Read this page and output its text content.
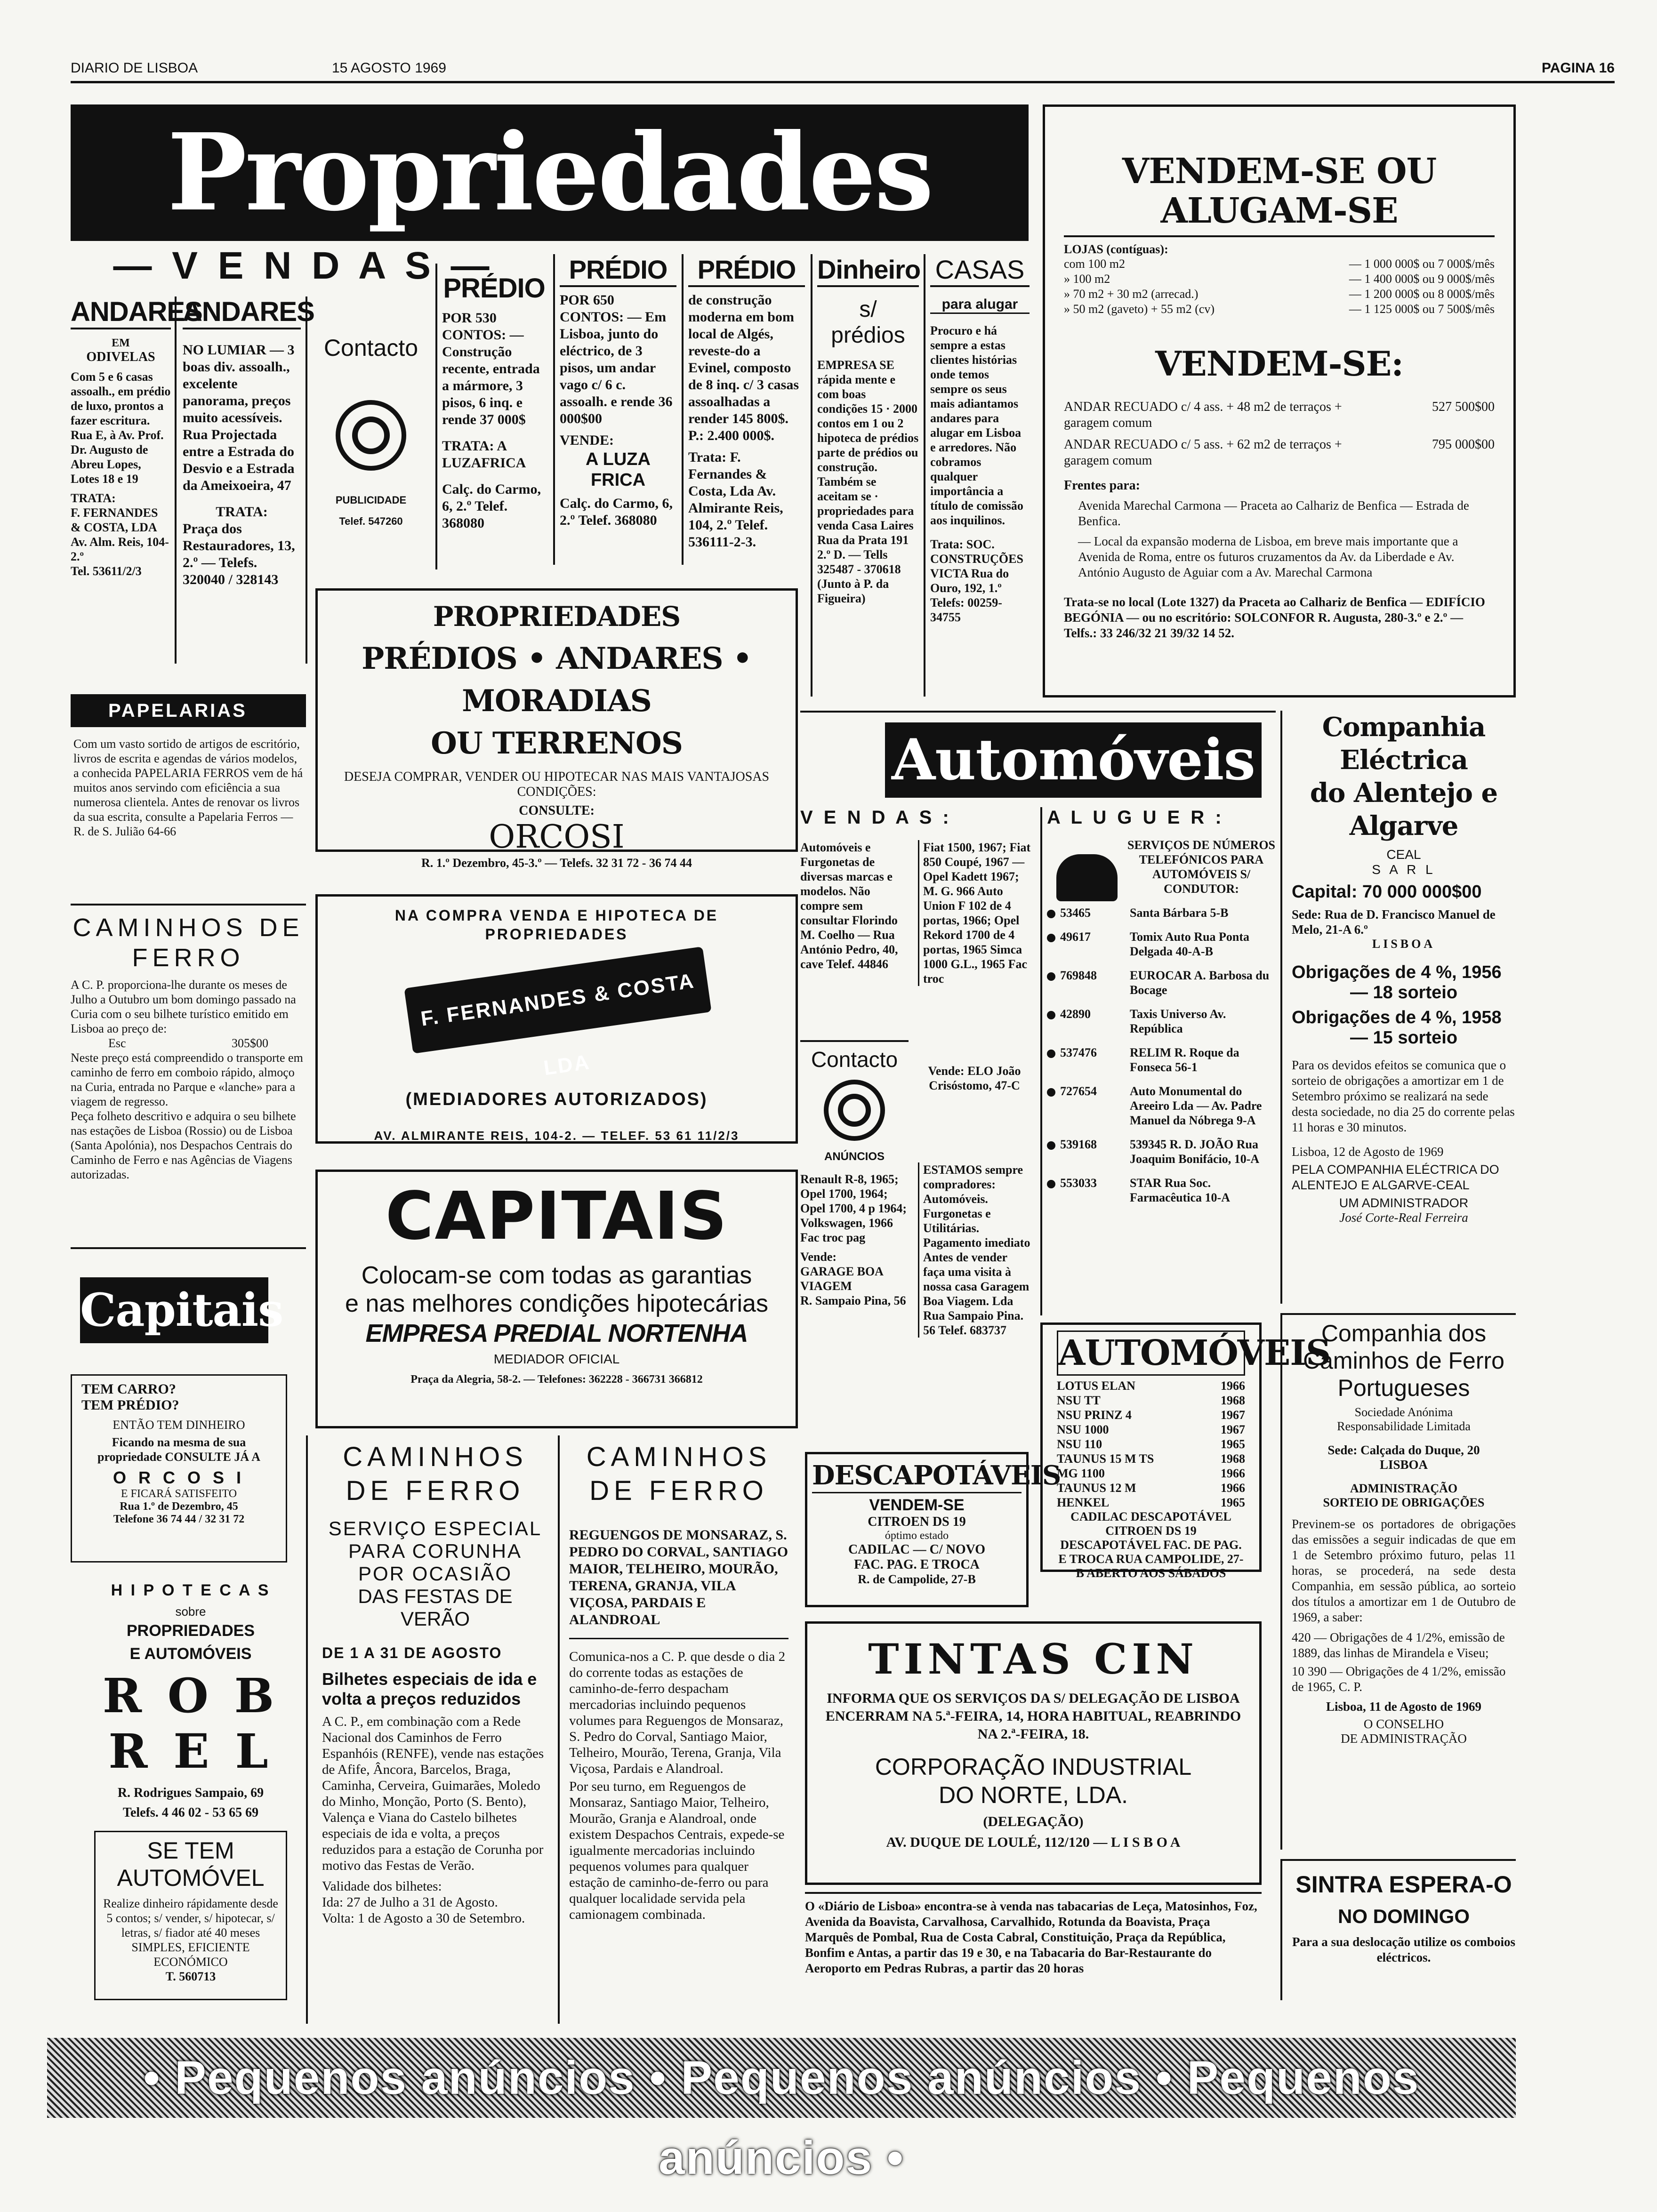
DIARIO DE LISBOA	15 AGOSTO 1969	PAGINA 16
Propriedades
— V E N D A S —
ANDARES

EM

ODIVELAS

Com 5 e 6 casas assoalh., em prédio de luxo, prontos a fazer escritura. Rua E, à Av. Prof. Dr. Augusto de Abreu Lopes, Lotes 18 e 19

TRATA:

F. FERNANDES & COSTA, LDA

Av. Alm. Reis, 104-2.º

Tel. 53611/2/3

ANDARES

NO LUMIAR — 3 boas div. assoalh., excelente panorama, preços muito acessíveis. Rua Projectada entre a Estrada do Desvio e a Estrada da Ameixoeira, 47

TRATA:

Praça dos Restauradores, 13, 2.º — Telefs. 320040 / 328143

Contacto
PUBLICIDADE
Telef. 547260
PRÉDIO

POR 530 CONTOS: —Construção recente, entrada a mármore, 3 pisos, 6 inq. e rende 37 000$

TRATA: A LUZAFRICA

Calç. do Carmo, 6, 2.º Telef. 368080

PRÉDIO

POR 650 CONTOS: — Em Lisboa, junto do eléctrico, de 3 pisos, um andar vago c/ 6 c. assoalh. e rende 36 000$00

VENDE:

A LUZA FRICA

Calç. do Carmo, 6, 2.º Telef. 368080

PRÉDIO

de construção moderna em bom local de Algés, reveste-do a Evinel, composto de 8 inq. c/ 3 casas assoalhadas a render 145 800$. P.: 2.400 000$.

Trata: F. Fernandes & Costa, Lda Av. Almirante Reis, 104, 2.º Telef. 536111-2-3.

Dinheiro

s/

prédios

EMPRESA SE rápida mente e com boas condições 15 · 2000 contos em 1 ou 2 hipoteca de prédios parte de prédios ou construção. Também se aceitam se · propriedades para venda Casa Laires Rua da Prata 191 2.º D. — Tells 325487 - 370618 (Junto à P. da Figueira)

CASAS

para alugar

Procuro e há sempre a estas clientes histórias onde temos sempre os seus mais adiantamos andares para alugar em Lisboa e arredores. Não cobramos qualquer importância a título de comissão aos inquilinos.

Trata: SOC. CONSTRUÇÕES VICTA Rua do Ouro, 192, 1.º Telefs: 00259-34755

VENDEM-SE OU ALUGAM-SE

LOJAS (contíguas):

com 100 m2	— 1 000 000$ ou 7 000$/mês
» 100 m2	— 1 400 000$ ou 9 000$/mês
» 70 m2 + 30 m2 (arrecad.)	— 1 200 000$ ou 8 000$/mês
» 50 m2 (gaveto) + 55 m2 (cv)	— 1 125 000$ ou 7 500$/mês
VENDEM-SE:
ANDAR RECUADO c/ 4 ass. + 48 m2 de terraços + garagem comum
527 500$00
ANDAR RECUADO c/ 5 ass. + 62 m2 de terraços + garagem comum
795 000$00

Frentes para:

Avenida Marechal Carmona — Praceta ao Calhariz de Benfica — Estrada de Benfica.

— Local da expansão moderna de Lisboa, em breve mais importante que a Avenida de Roma, entre os futuros cruzamentos da Av. da Liberdade e Av. António Augusto de Aguiar com a Av. Marechal Carmona

Trata-se no local (Lote 1327) da Praceta ao Calhariz de Benfica — EDIFÍCIO BEGÓNIA — ou no escritório: SOLCONFOR R. Augusta, 280-3.º e 2.º — Telfs.: 33 246/32 21 39/32 14 52.

PAPELARIAS

Com um vasto sortido de artigos de escritório, livros de escrita e agendas de vários modelos, a conhecida PAPELARIA FERROS vem de há muitos anos servindo com eficiência a sua numerosa clientela. Antes de renovar os livros da sua escrita, consulte a Papelaria Ferros — R. de S. Julião 64-66

CAMINHOS DE FERRO

A C. P. proporciona-lhe durante os meses de Julho a Outubro um bom domingo passado na Curia com o seu bilhete turístico emitido em Lisboa ao preço de:

Esc	305$00

Neste preço está compreendido o transporte em caminho de ferro em comboio rápido, almoço na Curia, entrada no Parque e «lanche» para a viagem de regresso.

Peça folheto descritivo e adquira o seu bilhete nas estações de Lisboa (Rossio) ou de Lisboa (Santa Apolónia), nos Despachos Centrais do Caminho de Ferro e nas Agências de Viagens autorizadas.

Capitais

TEM CARRO?

TEM PRÉDIO?

ENTÃO TEM DINHEIRO

Ficando na mesma de sua propriedade CONSULTE JÁ A

O R C O S I

E FICARÁ SATISFEITO

Rua 1.º de Dezembro, 45

Telefone 36 74 44 / 32 31 72

H I P O T E C A S

sobre

PROPRIEDADES

E AUTOMÓVEIS

R O B R E L

R. Rodrigues Sampaio, 69

Telefs. 4 46 02 - 53 65 69

SE TEM

AUTOMÓVEL

Realize dinheiro rápidamente desde 5 contos; s/ vender, s/ hipotecar, s/ letras, s/ fiador até 40 meses SIMPLES, EFICIENTE ECONÓMICO

T. 560713

PROPRIEDADES

PRÉDIOS • ANDARES • MORADIAS

OU TERRENOS

DESEJA COMPRAR, VENDER OU HIPOTECAR NAS MAIS VANTAJOSAS CONDIÇÕES:

CONSULTE:

ORCOSI

R. 1.º Dezembro, 45-3.º — Telefs. 32 31 72 - 36 74 44

NA COMPRA VENDA E HIPOTECA DE PROPRIEDADES

F. FERNANDES & COSTA LDA

(MEDIADORES AUTORIZADOS)

AV. ALMIRANTE REIS, 104-2. — TELEF. 53 61 11/2/3

CAPITAIS

Colocam-se com todas as garantias

e nas melhores condições hipotecárias

EMPRESA PREDIAL NORTENHA

MEDIADOR OFICIAL

Praça da Alegria, 58-2. — Telefones: 362228 - 366731 366812

CAMINHOS

DE FERRO

SERVIÇO ESPECIAL

PARA CORUNHA

POR OCASIÃO

DAS FESTAS DE VERÃO

DE 1 A 31 DE AGOSTO

Bilhetes especiais de ida e volta a preços reduzidos

A C. P., em combinação com a Rede Nacional dos Caminhos de Ferro Espanhóis (RENFE), vende nas estações de Afife, Âncora, Barcelos, Braga, Caminha, Cerveira, Guimarães, Moledo do Minho, Monção, Porto (S. Bento), Valença e Viana do Castelo bilhetes especiais de ida e volta, a preços reduzidos para a estação de Corunha por motivo das Festas de Verão.

Validade dos bilhetes:

Ida: 27 de Julho a 31 de Agosto.

Volta: 1 de Agosto a 30 de Setembro.

CAMINHOS

DE FERRO

REGUENGOS DE MONSARAZ, S. PEDRO DO CORVAL, SANTIAGO MAIOR, TELHEIRO, MOURÃO, TERENA, GRANJA, VILA VIÇOSA, PARDAIS E ALANDROAL

Comunica-nos a C. P. que desde o dia 2 do corrente todas as estações de caminho-de-ferro despacham mercadorias incluindo pequenos volumes para Reguengos de Monsaraz, S. Pedro do Corval, Santiago Maior, Telheiro, Mourão, Terena, Granja, Vila Viçosa, Pardais e Alandroal.

Por seu turno, em Reguengos de Monsaraz, Santiago Maior, Telheiro, Mourão, Granja e Alandroal, onde existem Despachos Centrais, expede-se igualmente mercadorias incluindo pequenos volumes para qualquer estação de caminho-de-ferro ou para qualquer localidade servida pela camionagem combinada.

Automóveis

V E N D A S :

Automóveis e Furgonetas de diversas marcas e modelos. Não compre sem consultar Florindo M. Coelho — Rua António Pedro, 40, cave Telef. 44846

Fiat 1500, 1967; Fiat 850 Coupé, 1967 — Opel Kadett 1967; M. G. 966 Auto Union F 102 de 4 portas, 1966; Opel Rekord 1700 de 4 portas, 1965 Simca 1000 G.L., 1965 Fac troc

Contacto

ANÚNCIOS

Vende: ELO João Crisóstomo, 47-C

ESTAMOS sempre compradores: Automóveis. Furgonetas e Utilitárias. Pagamento imediato Antes de vender faça uma visita à nossa casa Garagem Boa Viagem. Lda Rua Sampaio Pina. 56 Telef. 683737

Renault R-8, 1965; Opel 1700, 1964; Opel 1700, 4 p 1964; Volkswagen, 1966 Fac troc pag

Vende:

GARAGE BOA VIAGEM

R. Sampaio Pina, 56

A L U G U E R :

SERVIÇOS DE NÚMEROS TELEFÓNICOS PARA AUTOMÓVEIS S/ CONDUTOR:

53465	Santa Bárbara 5-B
49617	Tomix Auto Rua Ponta Delgada 40-A-B
769848	EUROCAR A. Barbosa du Bocage
42890	Taxis Universo Av. República
537476	RELIM R. Roque da Fonseca 56-1
727654	Auto Monumental do Areeiro Lda — Av. Padre Manuel da Nóbrega 9-A
539168	539345 R. D. JOÃO Rua Joaquim Bonifácio, 10-A
553033	STAR Rua Soc. Farmacêutica 10-A

AUTOMÓVEIS

LOTUS ELAN	1966
NSU TT	1968
NSU PRINZ 4	1967
NSU 1000	1967
NSU 110	1965
TAUNUS 15 M TS	1968
MG 1100	1966
TAUNUS 12 M	1966
HENKEL	1965

CADILAC DESCAPOTÁVEL CITROEN DS 19 DESCAPOTÁVEL FAC. DE PAG. E TROCA RUA CAMPOLIDE, 27-B ABERTO AOS SÁBADOS

DESCAPOTÁVEIS

VENDEM-SE

CITROEN DS 19

óptimo estado

CADILAC — C/ NOVO

FAC. PAG. E TROCA

R. de Campolide, 27-B

TINTAS CIN

INFORMA QUE OS SERVIÇOS DA S/ DELEGAÇÃO DE LISBOA ENCERRAM NA 5.ª-FEIRA, 14, HORA HABITUAL, REABRINDO NA 2.ª-FEIRA, 18.

CORPORAÇÃO INDUSTRIAL

DO NORTE, LDA.

(DELEGAÇÃO)

AV. DUQUE DE LOULÉ, 112/120 — L I S B O A

O «Diário de Lisboa» encontra-se à venda nas tabacarias de Leça, Matosinhos, Foz, Avenida da Boavista, Carvalhosa, Carvalhido, Rotunda da Boavista, Praça Marquês de Pombal, Rua de Costa Cabral, Constituição, Praça da República, Bonfim e Antas, a partir das 19 e 30, e na Tabacaria do Bar-Restaurante do Aeroporto em Pedras Rubras, a partir das 20 horas

Companhia Eléctrica

do Alentejo e Algarve

CEAL

S A R L

Capital: 70 000 000$00

Sede: Rua de D. Francisco Manuel de Melo, 21-A 6.º

LISBOA

Obrigações de 4 %, 1956

— 18 sorteio

Obrigações de 4 %, 1958

— 15 sorteio

Para os devidos efeitos se comunica que o sorteio de obrigações a amortizar em 1 de Setembro próximo se realizará na sede desta sociedade, no dia 25 do corrente pelas 11 horas e 30 minutos.

Lisboa, 12 de Agosto de 1969

PELA COMPANHIA ELÉCTRICA DO ALENTEJO E ALGARVE-CEAL

UM ADMINISTRADOR

José Corte-Real Ferreira

Companhia dos

Caminhos de Ferro

Portugueses

Sociedade Anónima

Responsabilidade Limitada

Sede: Calçada do Duque, 20

LISBOA

ADMINISTRAÇÃO

SORTEIO DE OBRIGAÇÕES

Previnem-se os portadores de obrigações das emissões a seguir indicadas de que em 1 de Setembro próximo futuro, pelas 11 horas, se procederá, na sede desta Companhia, em sessão pública, ao sorteio dos títulos a amortizar em 1 de Outubro de 1969, a saber:

420 — Obrigações de 4 1/2%, emissão de 1889, das linhas de Mirandela e Viseu;

10 390 — Obrigações de 4 1/2%, emissão de 1965, C. P.

Lisboa, 11 de Agosto de 1969

O CONSELHO

DE ADMINISTRAÇÃO

SINTRA ESPERA-O

NO DOMINGO

Para a sua deslocação utilize os comboios eléctricos.

• Pequenos anúncios • Pequenos anúncios • Pequenos anúncios •
